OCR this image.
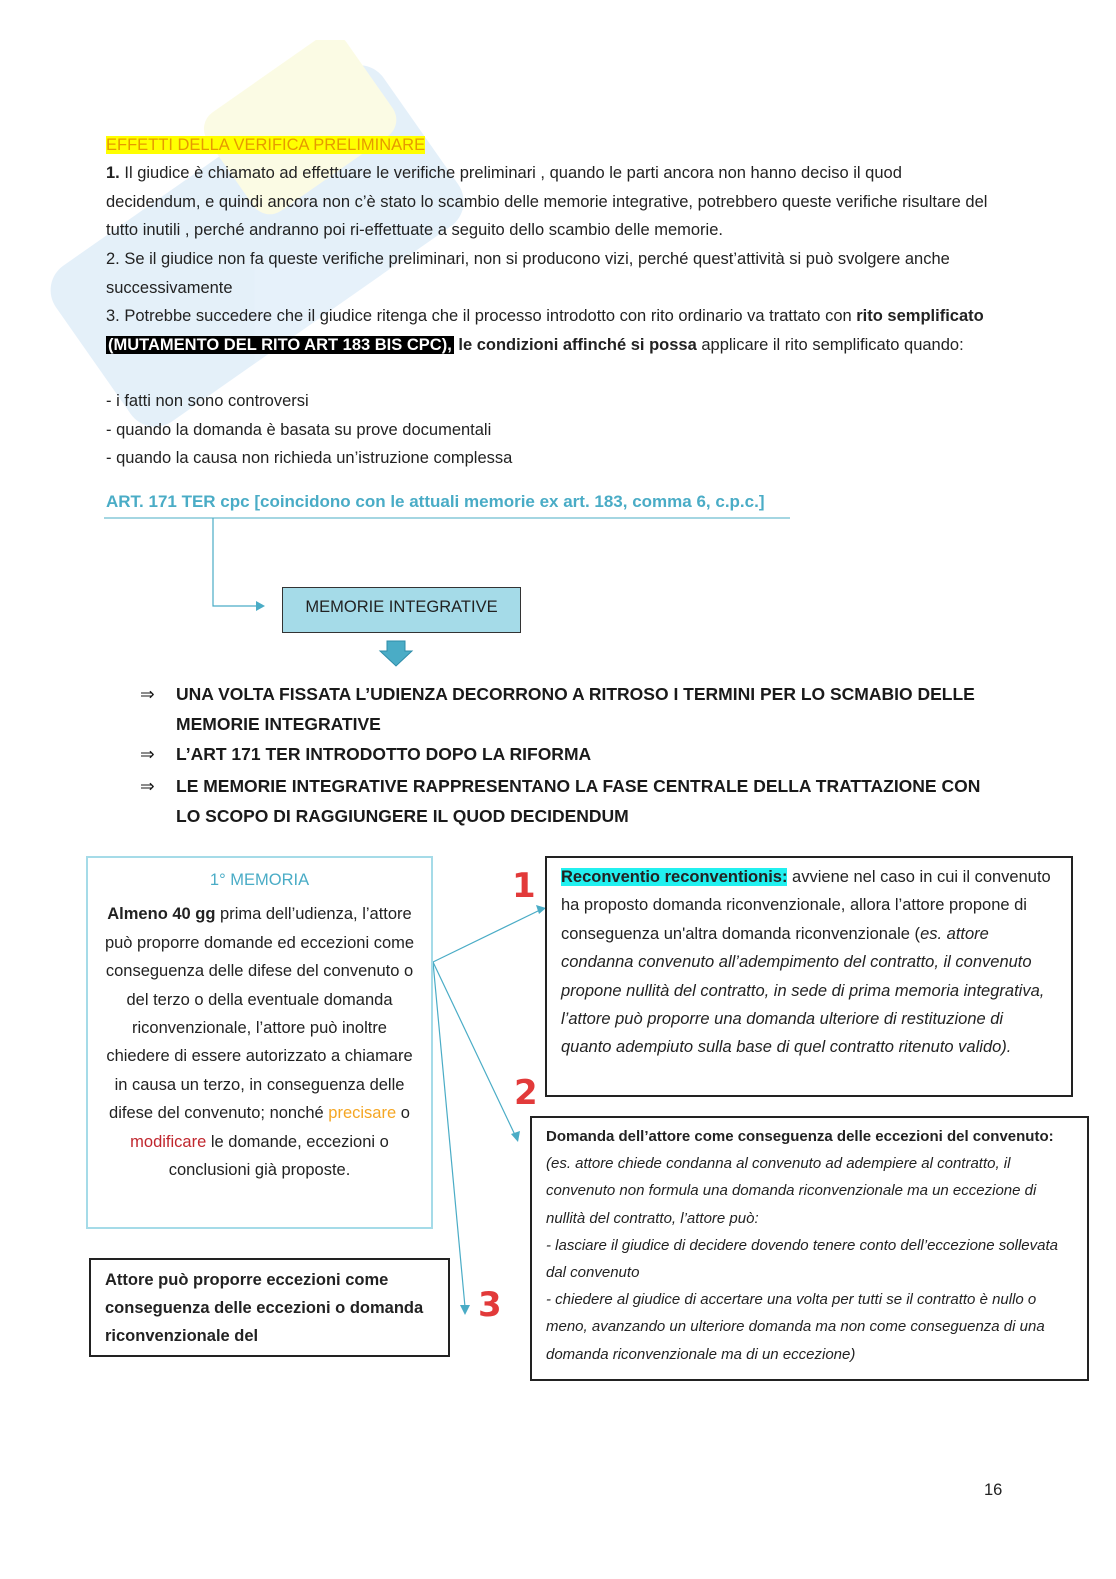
EFFETTI DELLA VERIFICA PRELIMINARE
1. Il giudice è chiamato ad effettuare le verifiche preliminari , quando le parti ancora non hanno deciso il quod decidendum, e quindi ancora non c’è stato lo scambio delle memorie integrative, potrebbero queste verifiche risultare del tutto inutili , perché andranno poi ri-effettuate a seguito dello scambio delle memorie.
2. Se il giudice non fa queste verifiche preliminari, non si producono vizi, perché quest’attività si può svolgere anche successivamente
3. Potrebbe succedere che il giudice ritenga che il processo introdotto con rito ordinario va trattato con rito semplificato (MUTAMENTO DEL RITO ART 183 BIS CPC), le condizioni affinché si possa applicare il rito semplificato quando:

- i fatti non sono controversi

- quando la domanda è basata su prove documentali

- quando la causa non richieda un’istruzione complessa

ART. 171 TER cpc [coincidono con le attuali memorie ex art. 183, comma 6, c.p.c.]
MEMORIE INTEGRATIVE
⇒	UNA VOLTA FISSATA L’UDIENZA DECORRONO A RITROSO I TERMINI PER LO SCMABIO DELLE MEMORIE INTEGRATIVE
⇒	L’ART 171 TER INTRODOTTO DOPO LA RIFORMA
⇒	LE MEMORIE INTEGRATIVE RAPPRESENTANO LA FASE CENTRALE DELLA TRATTAZIONE CON LO SCOPO DI RAGGIUNGERE IL QUOD DECIDENDUM

1° MEMORIA

Almeno 40 gg prima dell’udienza, l’attore può proporre domande ed eccezioni come conseguenza delle difese del convenuto o del terzo o della eventuale domanda riconvenzionale, l’attore può inoltre chiedere di essere autorizzato a chiamare in causa un terzo, in conseguenza delle difese del convenuto; nonché precisare o modificare le domande, eccezioni o conclusioni già proposte.

Attore può proporre eccezioni come conseguenza delle eccezioni o domanda riconvenzionale del
Reconventio reconventionis: avviene nel caso in cui il convenuto ha proposto domanda riconvenzionale, allora l’attore propone di conseguenza un'altra domanda riconvenzionale (es. attore condanna convenuto all’adempimento del contratto, il convenuto propone nullità del contratto, in sede di prima memoria integrativa, l’attore può proporre una domanda ulteriore di restituzione di quanto adempiuto sulla base di quel contratto ritenuto valido).
Domanda dell’attore come conseguenza delle eccezioni del convenuto: (es. attore chiede condanna al convenuto ad adempiere al contratto, il convenuto non formula una domanda riconvenzionale ma un eccezione di nullità del contratto, l’attore può:
- lasciare il giudice di decidere dovendo tenere conto dell’eccezione sollevata dal convenuto
- chiedere al giudice di accertare una volta per tutti se il contratto è nullo o meno, avanzando un ulteriore domanda ma non come conseguenza di una domanda riconvenzionale ma di un eccezione)
1
2
3
16
